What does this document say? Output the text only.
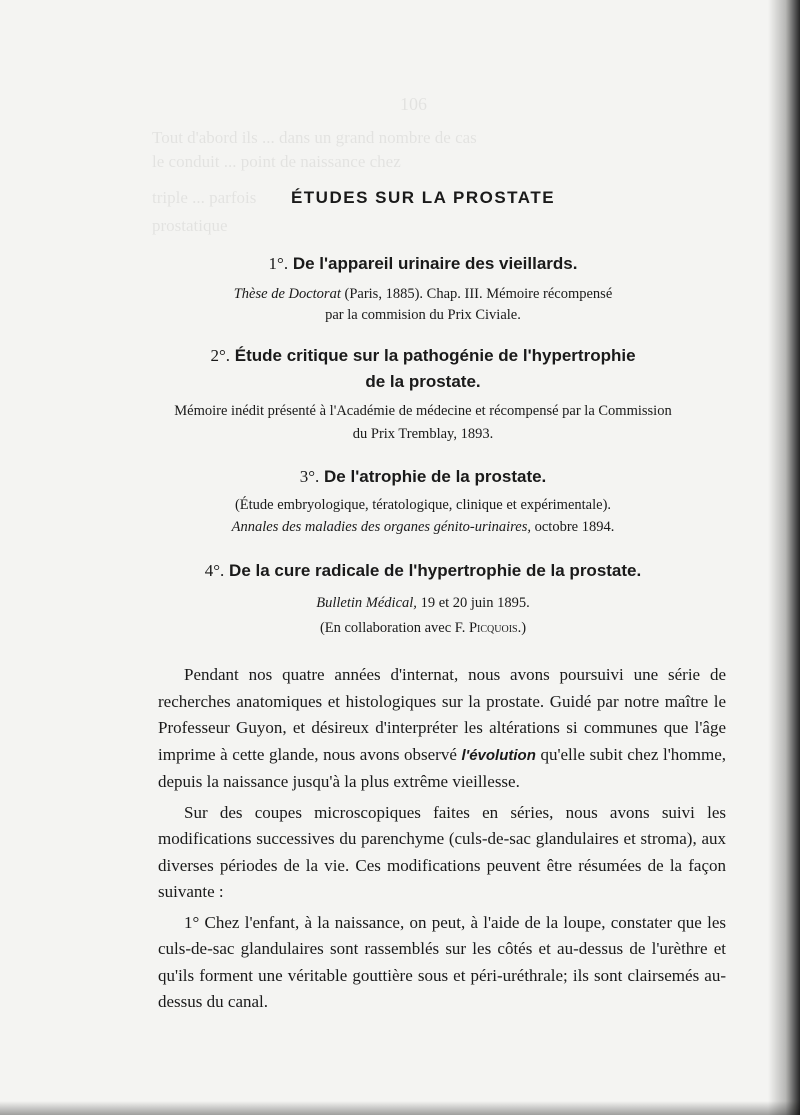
106
Tout d'abord ils ... dans un grand nombre de cas
le conduit ... point de naissance chez
triple ... parfois
prostatique
ÉTUDES SUR LA PROSTATE
1°. De l'appareil urinaire des vieillards.
Thèse de Doctorat (Paris, 1885). Chap. III. Mémoire récompensé
par la commision du Prix Civiale.
2°. Étude critique sur la pathogénie de l'hypertrophie
de la prostate.
Mémoire inédit présenté à l'Académie de médecine et récompensé par la Commission
du Prix Tremblay, 1893.
3°. De l'atrophie de la prostate.
(Étude embryologique, tératologique, clinique et expérimentale).
Annales des maladies des organes génito-urinaires, octobre 1894.
4°. De la cure radicale de l'hypertrophie de la prostate.
Bulletin Médical, 19 et 20 juin 1895.
(En collaboration avec F. Picquois.)

Pendant nos quatre années d'internat, nous avons poursuivi une série de recherches anatomiques et histologiques sur la prostate. Guidé par notre maître le Professeur Guyon, et désireux d'interpréter les altérations si communes que l'âge imprime à cette glande, nous avons observé l'évolution qu'elle subit chez l'homme, depuis la naissance jusqu'à la plus extrême vieillesse.

Sur des coupes microscopiques faites en séries, nous avons suivi les modifications successives du parenchyme (culs-de-sac glandulaires et stroma), aux diverses périodes de la vie. Ces modifications peuvent être résumées de la façon suivante :

1° Chez l'enfant, à la naissance, on peut, à l'aide de la loupe, constater que les culs-de-sac glandulaires sont rassemblés sur les côtés et au-dessus de l'urèthre et qu'ils forment une véritable gouttière sous et péri-uréthrale; ils sont clairsemés au-dessus du canal.
